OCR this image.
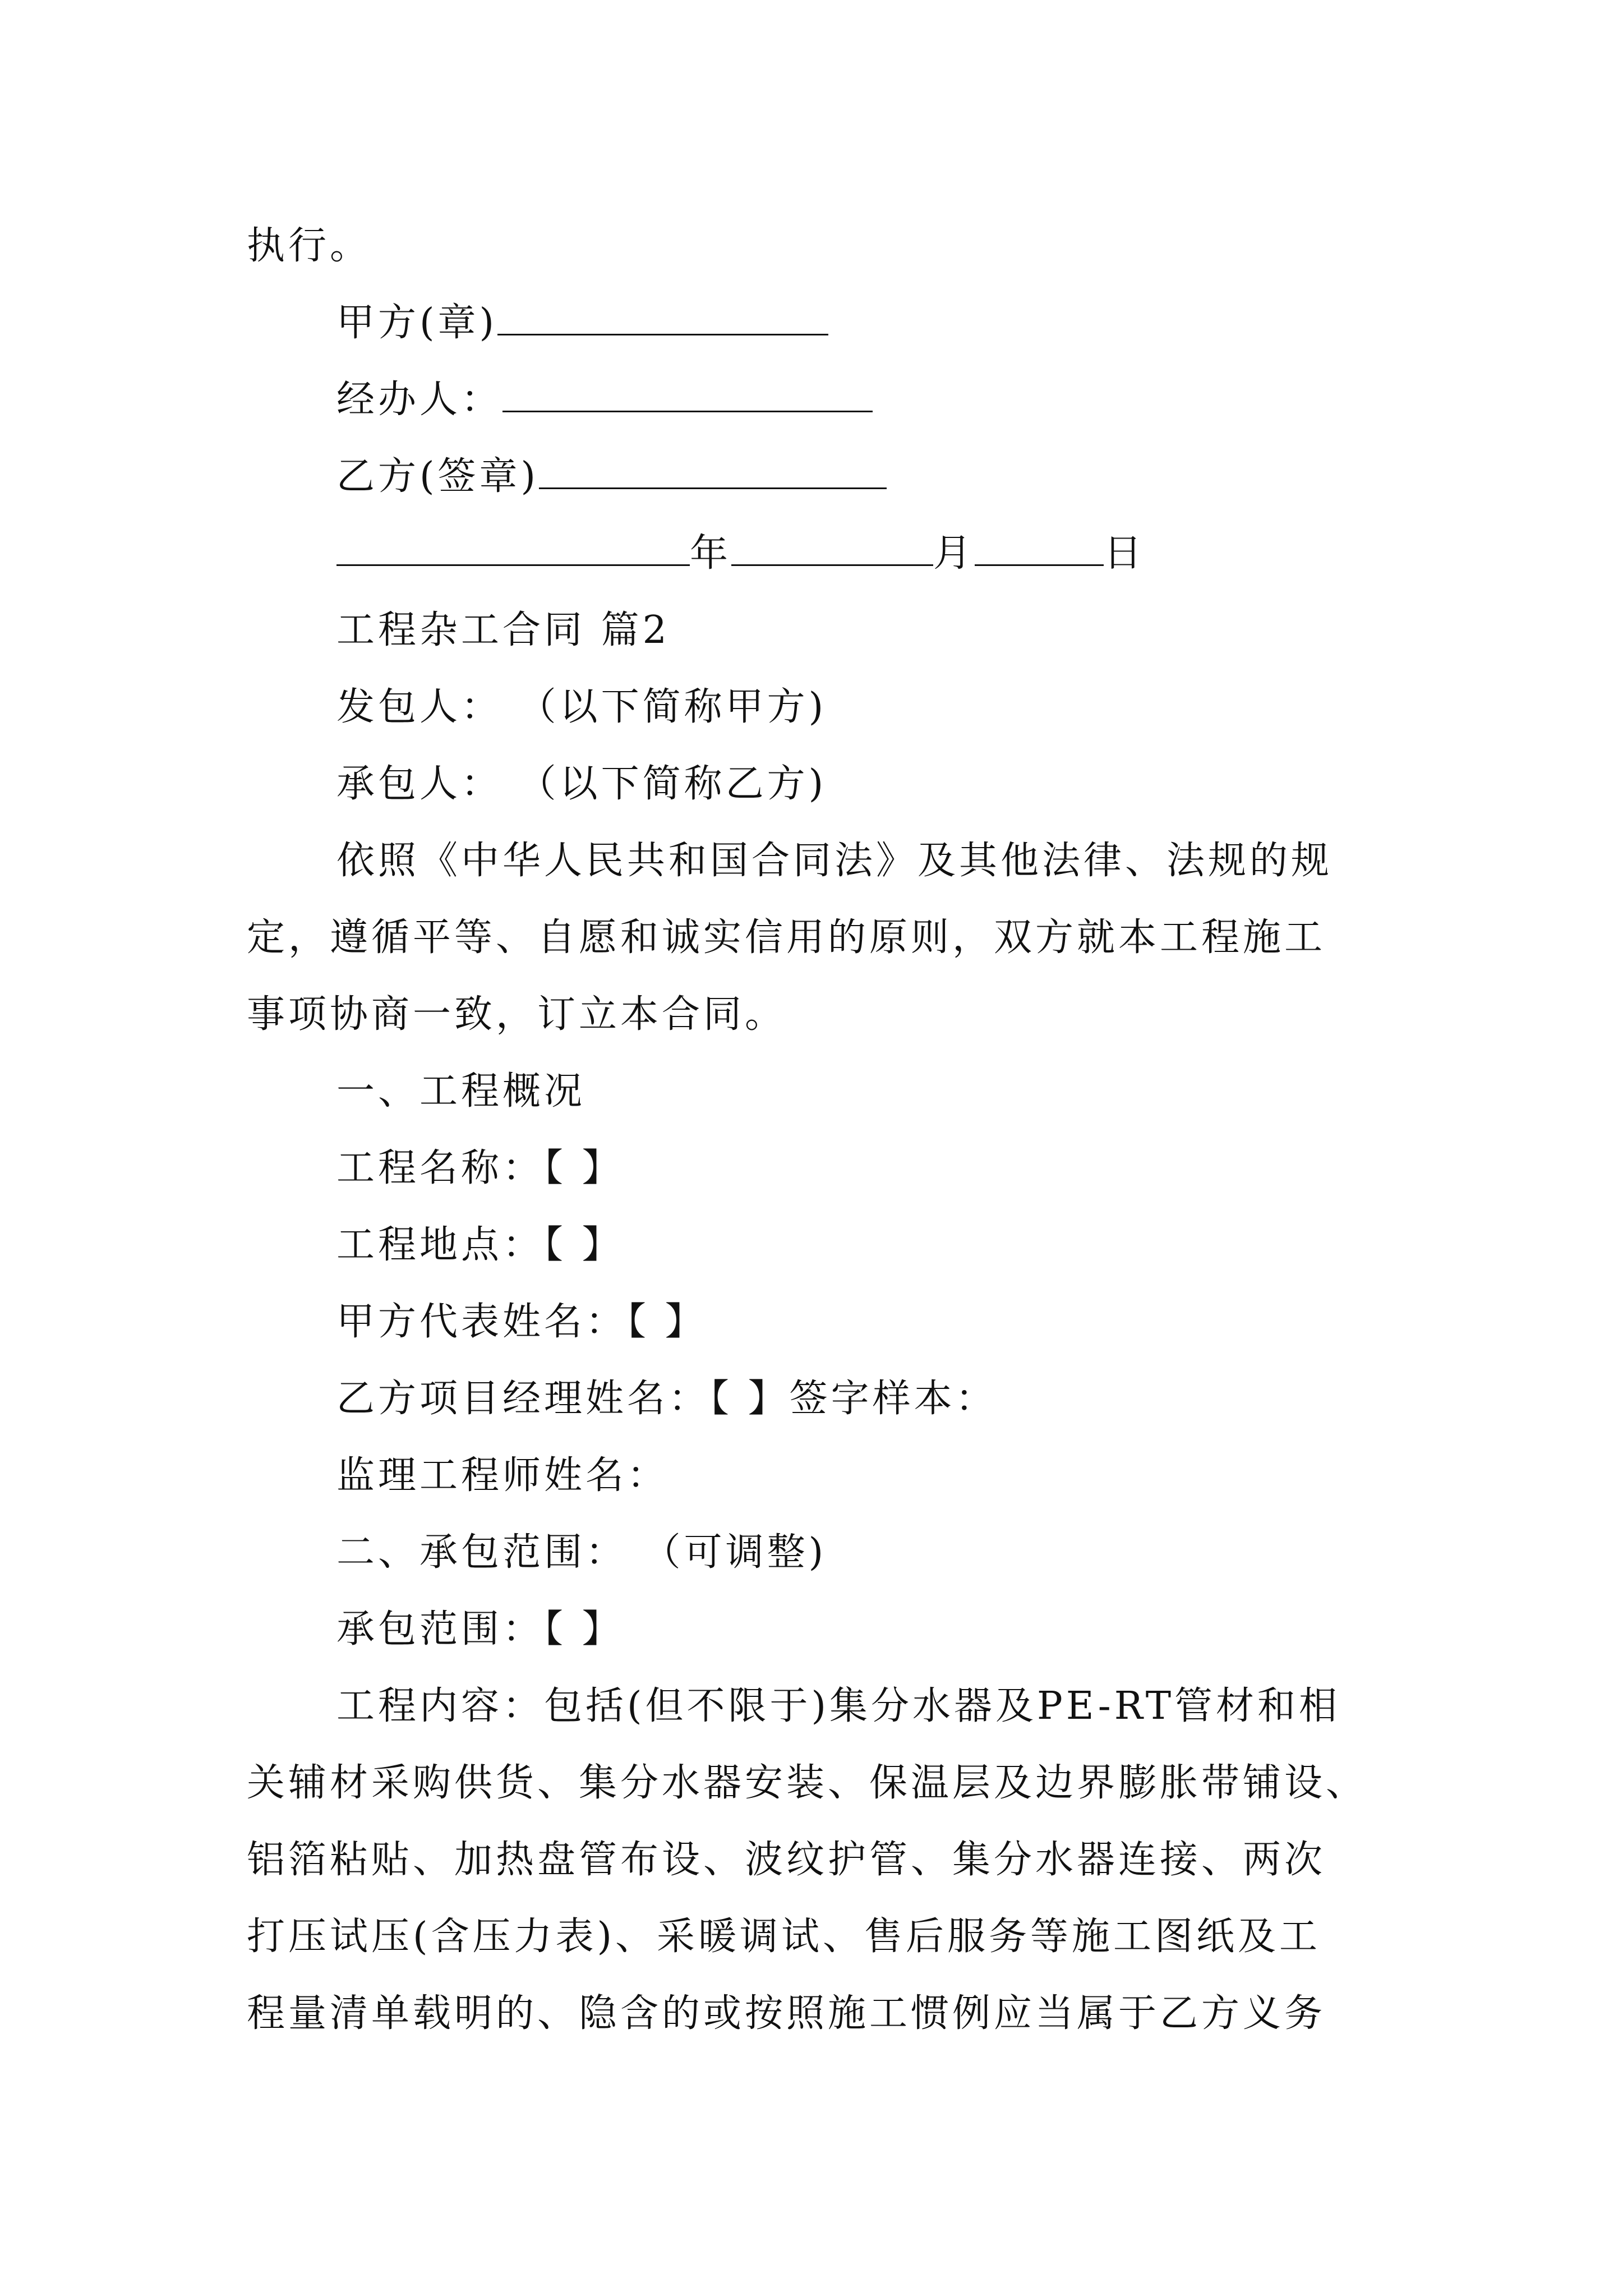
执行。
甲方(章)
经办人：
乙方(签章)
年	月	日
工程杂工合同 篇2
发包人： （以下简称甲方)
承包人： （以下简称乙方)
依照《中华人民共和国合同法》及其他法律、法规的规
定，遵循平等、自愿和诚实信用的原则，双方就本工程施工
事项协商一致，订立本合同。
一、工程概况
工程名称：【 】
工程地点：【 】
甲方代表姓名：【 】
乙方项目经理姓名：【 】签字样本：
监理工程师姓名：
二、承包范围： （可调整)
承包范围：【 】
工程内容：包括(但不限于)集分水器及PE-RT管材和相
关辅材采购供货、集分水器安装、保温层及边界膨胀带铺设、
铝箔粘贴、加热盘管布设、波纹护管、集分水器连接、两次
打压试压(含压力表)、采暖调试、售后服务等施工图纸及工
程量清单载明的、隐含的或按照施工惯例应当属于乙方义务
